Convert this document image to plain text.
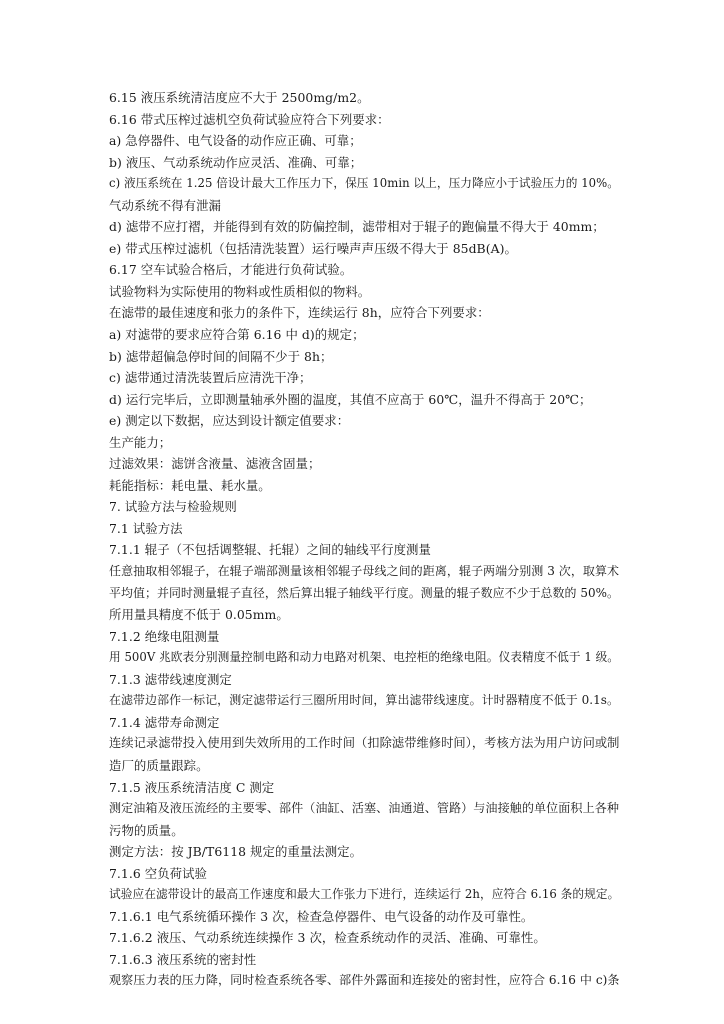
6.15 液压系统清洁度应不大于 2500mg/m2。
6.16 带式压榨过滤机空负荷试验应符合下列要求：
a) 急停器件、电气设备的动作应正确、可靠；
b) 液压、气动系统动作应灵活、准确、可靠；
c) 液压系统在 1.25 倍设计最大工作压力下，保压 10min 以上，压力降应小于试验压力的 10%。
气动系统不得有泄漏
d) 滤带不应打褶，并能得到有效的防偏控制，滤带相对于辊子的跑偏量不得大于 40mm；
e) 带式压榨过滤机（包括清洗装置）运行噪声声压级不得大于 85dB(A)。
6.17 空车试验合格后，才能进行负荷试验。
试验物料为实际使用的物料或性质相似的物料。
在滤带的最佳速度和张力的条件下，连续运行 8h，应符合下列要求：
a) 对滤带的要求应符合第 6.16 中 d)的规定；
b) 滤带超偏急停时间的间隔不少于 8h；
c) 滤带通过清洗装置后应清洗干净；
d) 运行完毕后，立即测量轴承外圈的温度，其值不应高于 60℃，温升不得高于 20℃；
e) 测定以下数据，应达到设计额定值要求：
生产能力；
过滤效果：滤饼含液量、滤液含固量；
耗能指标：耗电量、耗水量。
7. 试验方法与检验规则
7.1 试验方法
7.1.1 辊子（不包括调整辊、托辊）之间的轴线平行度测量
任意抽取相邻辊子，在辊子端部测量该相邻辊子母线之间的距离，辊子两端分别测 3 次，取算术
平均值；并同时测量辊子直径，然后算出辊子轴线平行度。测量的辊子数应不少于总数的 50%。
所用量具精度不低于 0.05mm。
7.1.2 绝缘电阻测量
用 500V 兆欧表分别测量控制电路和动力电路对机架、电控柜的绝缘电阻。仪表精度不低于 1 级。
7.1.3 滤带线速度测定
在滤带边部作一标记，测定滤带运行三圈所用时间，算出滤带线速度。计时器精度不低于 0.1s。
7.1.4 滤带寿命测定
连续记录滤带投入使用到失效所用的工作时间（扣除滤带维修时间），考核方法为用户访问或制
造厂的质量跟踪。
7.1.5 液压系统清洁度 C 测定
测定油箱及液压流经的主要零、部件（油缸、活塞、油通道、管路）与油接触的单位面积上各种
污物的质量。
测定方法：按 JB/T6118 规定的重量法测定。
7.1.6 空负荷试验
试验应在滤带设计的最高工作速度和最大工作张力下进行，连续运行 2h，应符合 6.16 条的规定。
7.1.6.1 电气系统循环操作 3 次，检查急停器件、电气设备的动作及可靠性。
7.1.6.2 液压、气动系统连续操作 3 次，检查系统动作的灵活、准确、可靠性。
7.1.6.3 液压系统的密封性
观察压力表的压力降，同时检查系统各零、部件外露面和连接处的密封性，应符合 6.16 中 c)条
